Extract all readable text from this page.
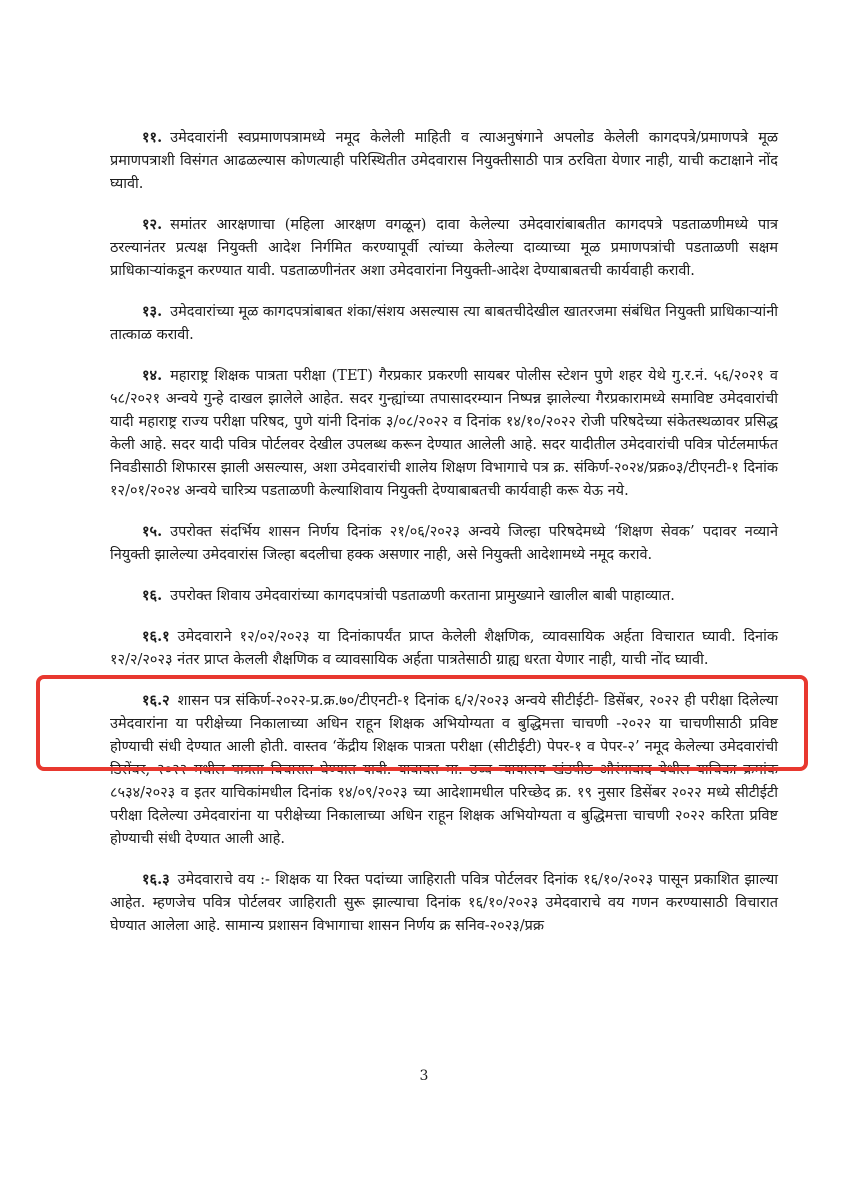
११. उमेदवारांनी स्वप्रमाणपत्रामध्ये नमूद केलेली माहिती व त्याअनुषंगाने अपलोड केलेली कागदपत्रे/प्रमाणपत्रे मूळ प्रमाणपत्राशी विसंगत आढळल्यास कोणत्याही परिस्थितीत उमेदवारास नियुक्तीसाठी पात्र ठरविता येणार नाही, याची कटाक्षाने नोंद घ्यावी.

१२. समांतर आरक्षणाचा (महिला आरक्षण वगळून) दावा केलेल्या उमेदवारांबाबतीत कागदपत्रे पडताळणीमध्ये पात्र ठरल्यानंतर प्रत्यक्ष नियुक्ती आदेश निर्गमित करण्यापूर्वी त्यांच्या केलेल्या दाव्याच्या मूळ प्रमाणपत्रांची पडताळणी सक्षम प्राधिकाऱ्यांकडून करण्यात यावी. पडताळणीनंतर अशा उमेदवारांना नियुक्ती-आदेश देण्याबाबतची कार्यवाही करावी.

१३. उमेदवारांच्या मूळ कागदपत्रांबाबत शंका/संशय असल्यास त्या बाबतचीदेखील खातरजमा संबंधित नियुक्ती प्राधिकाऱ्यांनी तात्काळ करावी.

१४. महाराष्ट्र शिक्षक पात्रता परीक्षा (TET) गैरप्रकार प्रकरणी सायबर पोलीस स्टेशन पुणे शहर येथे गु.र.नं. ५६/२०२१ व ५८/२०२१ अन्वये गुन्हे दाखल झालेले आहेत. सदर गुन्ह्यांच्या तपासादरम्यान निष्पन्न झालेल्या गैरप्रकारामध्ये समाविष्ट उमेदवारांची यादी महाराष्ट्र राज्य परीक्षा परिषद, पुणे यांनी दिनांक ३/०८/२०२२ व दिनांक १४/१०/२०२२ रोजी परिषदेच्या संकेतस्थळावर प्रसिद्ध केली आहे. सदर यादी पवित्र पोर्टलवर देखील उपलब्ध करून देण्यात आलेली आहे. सदर यादीतील उमेदवारांची पवित्र पोर्टलमार्फत निवडीसाठी शिफारस झाली असल्यास, अशा उमेदवारांची शालेय शिक्षण विभागाचे पत्र क्र. संकिर्ण-२०२४/प्रक्र०३/टीएनटी-१ दिनांक १२/०१/२०२४ अन्वये चारित्र्य पडताळणी केल्याशिवाय नियुक्ती देण्याबाबतची कार्यवाही करू येऊ नये.

१५. उपरोक्त संदर्भिय शासन निर्णय दिनांक २१/०६/२०२३ अन्वये जिल्हा परिषदेमध्ये ‘शिक्षण सेवक’ पदावर नव्याने नियुक्ती झालेल्या उमेदवारांस जिल्हा बदलीचा हक्क असणार नाही, असे नियुक्ती आदेशामध्ये नमूद करावे.

१६. उपरोक्त शिवाय उमेदवारांच्या कागदपत्रांची पडताळणी करताना प्रामुख्याने खालील बाबी पाहाव्यात.

१६.१ उमेदवाराने १२/०२/२०२३ या दिनांकापर्यंत प्राप्त केलेली शैक्षणिक, व्यावसायिक अर्हता विचारात घ्यावी. दिनांक १२/२/२०२३ नंतर प्राप्त केलली शैक्षणिक व व्यावसायिक अर्हता पात्रतेसाठी ग्राह्य धरता येणार नाही, याची नोंद घ्यावी.

१६.२ शासन पत्र संकिर्ण-२०२२-प्र.क्र.७०/टीएनटी-१ दिनांक ६/२/२०२३ अन्वये सीटीईटी- डिसेंबर, २०२२ ही परीक्षा दिलेल्या उमेदवारांना या परीक्षेच्या निकालाच्या अधिन राहून शिक्षक अभियोग्यता व बुद्धिमत्ता चाचणी -२०२२ या चाचणीसाठी प्रविष्ट होण्याची संधी देण्यात आली होती. वास्तव ‘केंद्रीय शिक्षक पात्रता परीक्षा (सीटीईटी) पेपर-१ व पेपर-२’ नमूद केलेल्या उमेदवारांची डिसेंबर, २०२२ मधील पात्रता विचारात घेण्यात यावी. याबाबत मा. उच्च न्यायालय खंडपीठ औरंगाबाद येथील याचिका क्रमांक ८५३४/२०२३ व इतर याचिकांमधील दिनांक १४/०९/२०२३ च्या आदेशामधील परिच्छेद क्र. १९ नुसार डिसेंबर २०२२ मध्ये सीटीईटी परीक्षा दिलेल्या उमेदवारांना या परीक्षेच्या निकालाच्या अधिन राहून शिक्षक अभियोग्यता व बुद्धिमत्ता चाचणी २०२२ करिता प्रविष्ट होण्याची संधी देण्यात आली आहे.

१६.३ उमेदवाराचे वय :- शिक्षक या रिक्त पदांच्या जाहिराती पवित्र पोर्टलवर दिनांक १६/१०/२०२३ पासून प्रकाशित झाल्या आहेत. म्हणजेच पवित्र पोर्टलवर जाहिराती सुरू झाल्याचा दिनांक १६/१०/२०२३ उमेदवाराचे वय गणन करण्यासाठी विचारात घेण्यात आलेला आहे. सामान्य प्रशासन विभागाचा शासन निर्णय क्र सनिव-२०२३/प्रक्र

3
